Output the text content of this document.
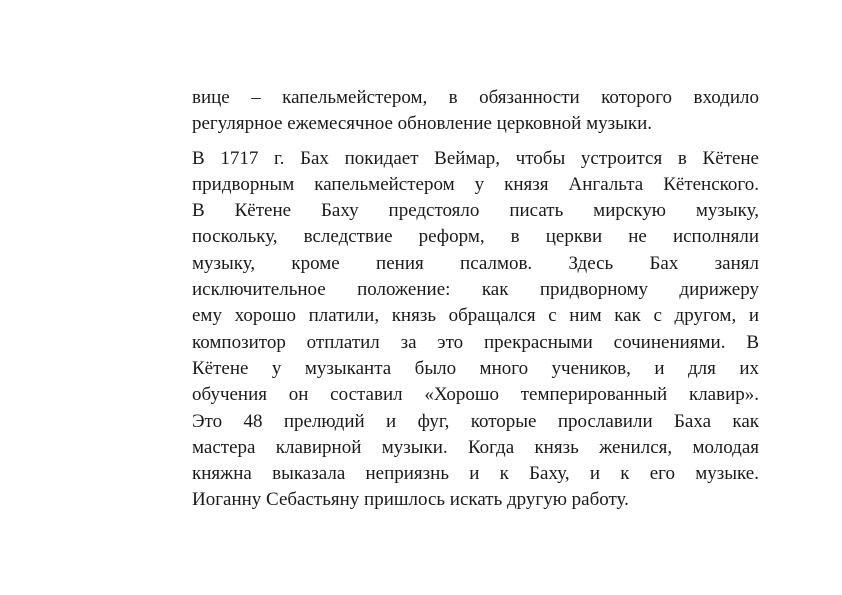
вице – капельмейстером, в обязанности которого входило
регулярное ежемесячное обновление церковной музыки.

В 1717 г. Бах покидает Веймар, чтобы устроится в Кётене
придворным капельмейстером у князя Ангальта Кётенского.
В Кётене Баху предстояло писать мирскую музыку,
поскольку, вследствие реформ, в церкви не исполняли
музыку, кроме пения псалмов. Здесь Бах занял
исключительное положение: как придворному дирижеру
ему хорошо платили, князь обращался с ним как с другом, и
композитор отплатил за это прекрасными сочинениями. В
Кётене у музыканта было много учеников, и для их
обучения он составил «Хорошо темперированный клавир».
Это 48 прелюдий и фуг, которые прославили Баха как
мастера клавирной музыки. Когда князь женился, молодая
княжна выказала неприязнь и к Баху, и к его музыке.
Иоганну Себастьяну пришлось искать другую работу.
